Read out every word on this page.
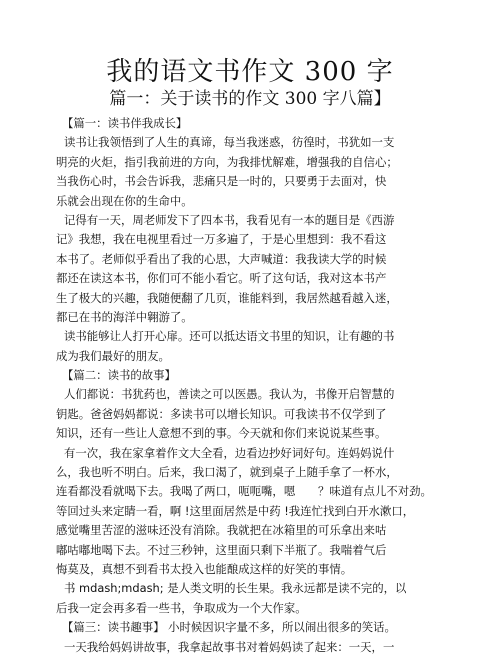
我的语文书作文 300 字
篇一：关于读书的作文 300 字八篇】
【篇一：读书伴我成长】
读书让我领悟到了人生的真谛，每当我迷惑，彷徨时，书犹如一支
明亮的火炬，指引我前进的方向，为我排忧解难，增强我的自信心；
当我伤心时，书会告诉我，悲痛只是一时的，只要勇于去面对，快
乐就会出现在你的生命中。
记得有一天，周老师发下了四本书，我看见有一本的题目是《西游
记》我想，我在电视里看过一万多遍了，于是心里想到：我不看这
本书了。老师似乎看出了我的心思，大声喊道：我我读大学的时候
都还在读这本书，你们可不能小看它。听了这句话，我对这本书产
生了极大的兴趣，我随便翻了几页，谁能料到，我居然越看越入迷，
都已在书的海洋中翱游了。
读书能够让人打开心扉。还可以抵达语文书里的知识，让有趣的书
成为我们最好的朋友。
【篇二：读书的故事】
人们都说：书犹药也，善读之可以医愚。我认为，书像开启智慧的
钥匙。爸爸妈妈都说：多读书可以增长知识。可我读书不仅学到了
知识，还有一些让人意想不到的事。今天就和你们来说说某些事。
有一次，我在家拿着作文大全看，边看边抄好词好句。连妈妈说什
么，我也听不明白。后来，我口渴了，就到桌子上随手拿了一杯水，
连看都没看就喝下去。我喝了两口，呃呃嘴，嗯　　？味道有点儿不对劲。
等回过头来定睛一看，啊 !这里面居然是中药 !我连忙找到白开水漱口，
感觉嘴里苦涩的滋味还没有消除。我就把在冰箱里的可乐拿出来咕
嘟咕嘟地喝下去。不过三秒钟，这里面只剩下半瓶了。我喘着气后
悔莫及，真想不到看书太投入也能酿成这样的好笑的事情。
书 mdash;mdash; 是人类文明的长生果。我永远都是读不完的，以
后我一定会再多看一些书，争取成为一个大作家。
【篇三：读书趣事】 小时候因识字量不多，所以闹出很多的笑话。
一天我给妈妈讲故事，我拿起故事书对着妈妈读了起来：一天，一
